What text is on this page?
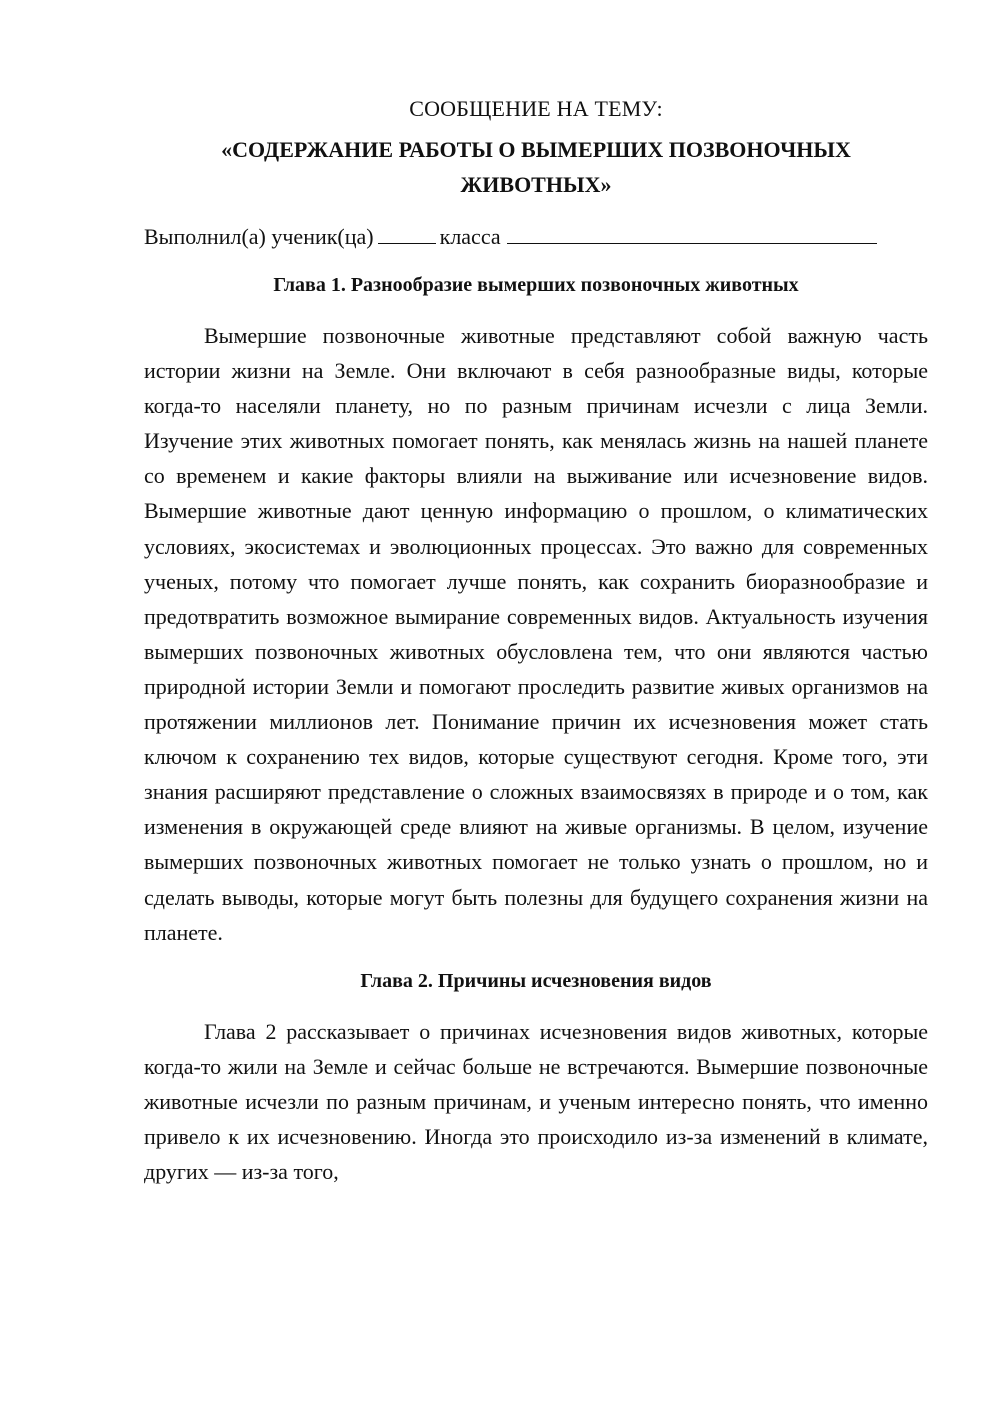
СООБЩЕНИЕ НА ТЕМУ:
«СОДЕРЖАНИЕ РАБОТЫ О ВЫМЕРШИХ ПОЗВОНОЧНЫХ ЖИВОТНЫХ»
Выполнил(а) ученик(ца)	класса
Глава 1. Разнообразие вымерших позвоночных животных

Вымершие позвоночные животные представляют собой важную часть истории жизни на Земле. Они включают в себя разнообразные виды, которые когда-то населяли планету, но по разным причинам исчезли с лица Земли. Изучение этих животных помогает понять, как менялась жизнь на нашей планете со временем и какие факторы влияли на выживание или исчезновение видов. Вымершие животные дают ценную информацию о прошлом, о климатических условиях, экосистемах и эволюционных процессах. Это важно для современных ученых, потому что помогает лучше понять, как сохранить биоразнообразие и предотвратить возможное вымирание современных видов. Актуальность изучения вымерших позвоночных животных обусловлена тем, что они являются частью природной истории Земли и помогают проследить развитие живых организмов на протяжении миллионов лет. Понимание причин их исчезновения может стать ключом к сохранению тех видов, которые существуют сегодня. Кроме того, эти знания расширяют представление о сложных взаимосвязях в природе и о том, как изменения в окружающей среде влияют на живые организмы. В целом, изучение вымерших позвоночных животных помогает не только узнать о прошлом, но и сделать выводы, которые могут быть полезны для будущего сохранения жизни на планете.

Глава 2. Причины исчезновения видов

Глава 2 рассказывает о причинах исчезновения видов животных, которые когда-то жили на Земле и сейчас больше не встречаются. Вымершие позвоночные животные исчезли по разным причинам, и ученым интересно понять, что именно привело к их исчезновению. Иногда это происходило из-за изменений в климате, других — из-за того,
